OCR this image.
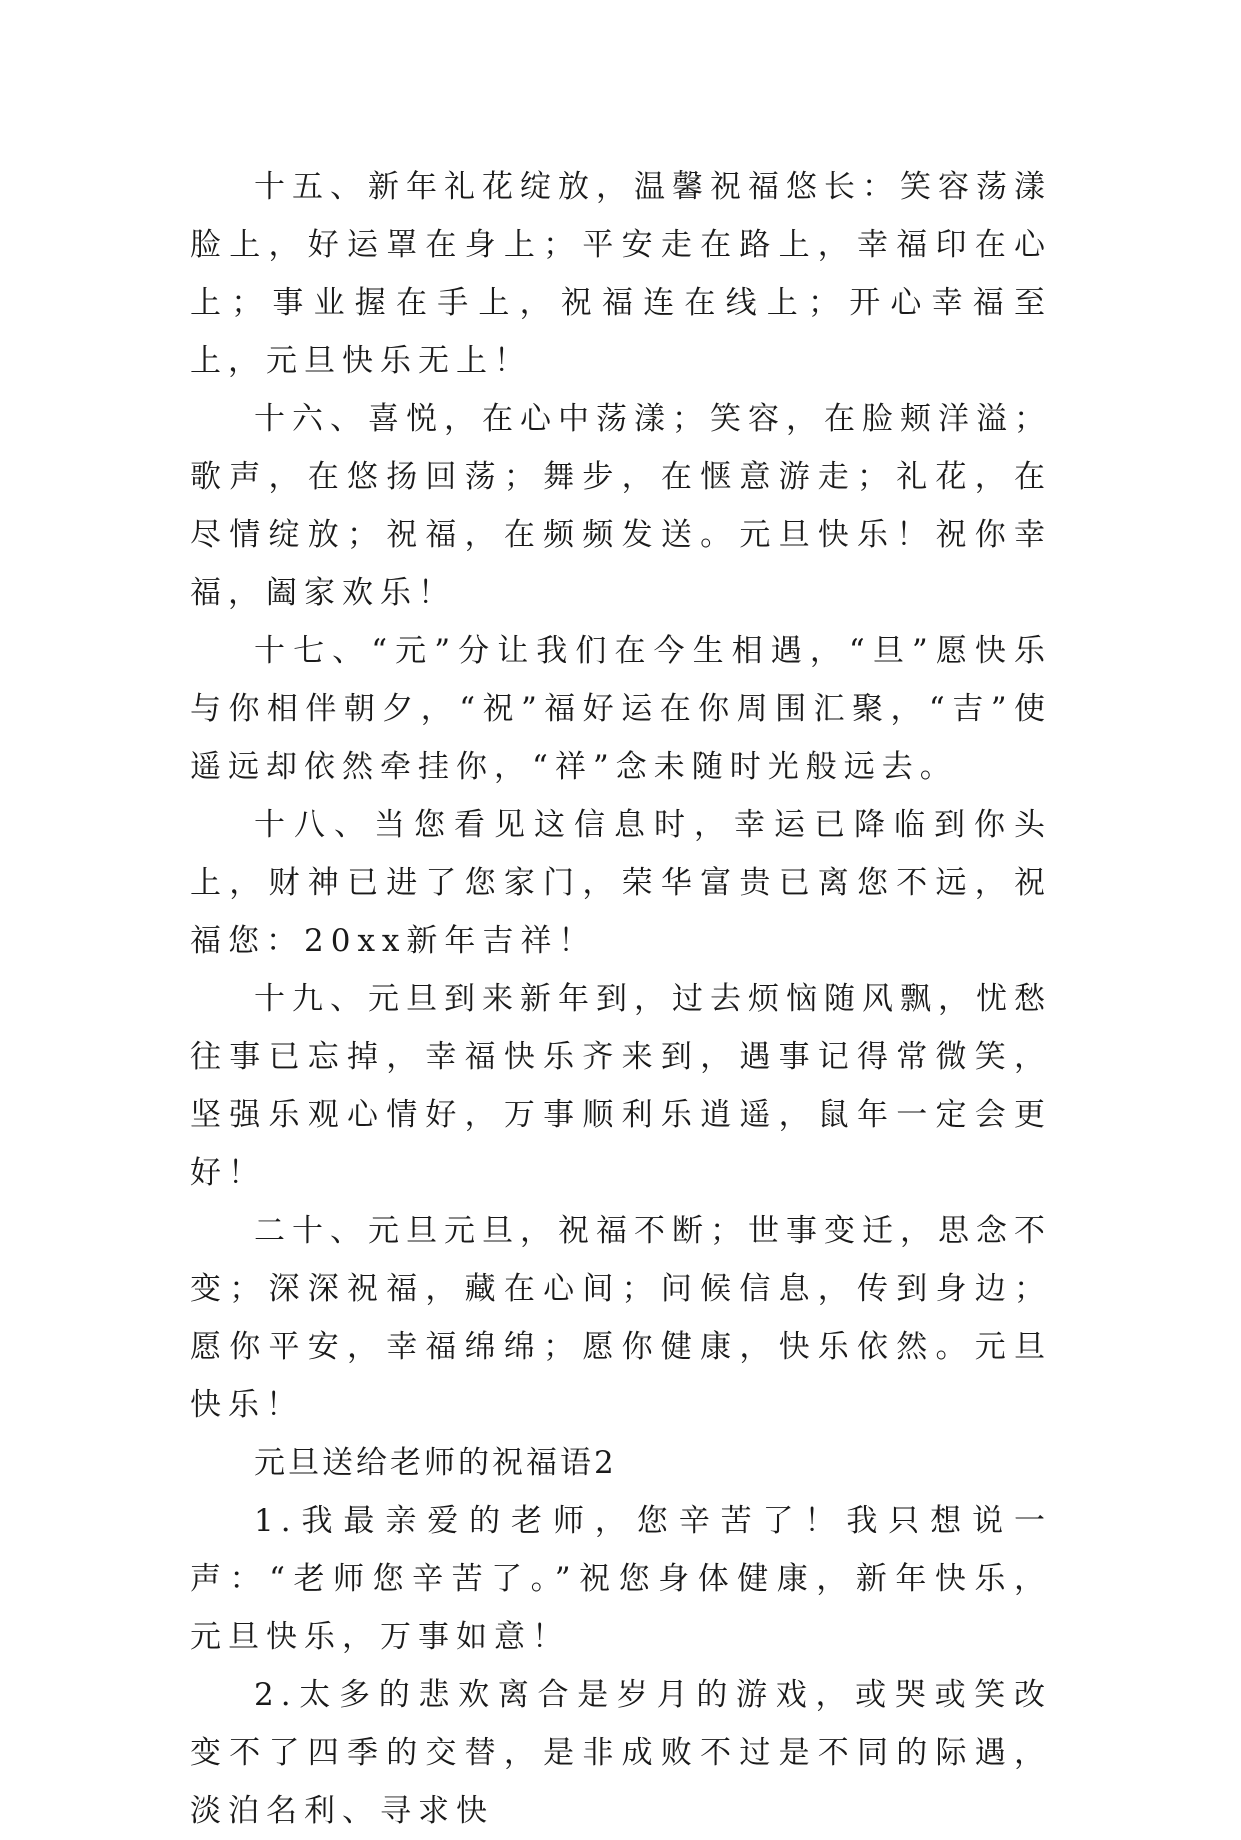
十五、新年礼花绽放，温馨祝福悠长：笑容荡漾脸上，好运罩在身上；平安走在路上，幸福印在心上；事业握在手上，祝福连在线上；开心幸福至上，元旦快乐无上！

十六、喜悦，在心中荡漾；笑容，在脸颊洋溢；歌声，在悠扬回荡；舞步，在惬意游走；礼花，在尽情绽放；祝福，在频频发送。元旦快乐！祝你幸福，阖家欢乐！

十七、“元”分让我们在今生相遇，“旦”愿快乐与你相伴朝夕，“祝”福好运在你周围汇聚，“吉”使遥远却依然牵挂你，“祥”念未随时光般远去。

十八、当您看见这信息时，幸运已降临到你头上，财神已进了您家门，荣华富贵已离您不远，祝福您：20xx新年吉祥！

十九、元旦到来新年到，过去烦恼随风飘，忧愁往事已忘掉，幸福快乐齐来到，遇事记得常微笑，坚强乐观心情好，万事顺利乐逍遥，鼠年一定会更好！

二十、元旦元旦，祝福不断；世事变迁，思念不变；深深祝福，藏在心间；问候信息，传到身边；愿你平安，幸福绵绵；愿你健康，快乐依然。元旦快乐！

元旦送给老师的祝福语2

1.我最亲爱的老师，您辛苦了！我只想说一声：“老师您辛苦了。”祝您身体健康，新年快乐，元旦快乐，万事如意！

2.太多的悲欢离合是岁月的游戏，或哭或笑改变不了四季的交替，是非成败不过是不同的际遇，淡泊名利、寻求快
